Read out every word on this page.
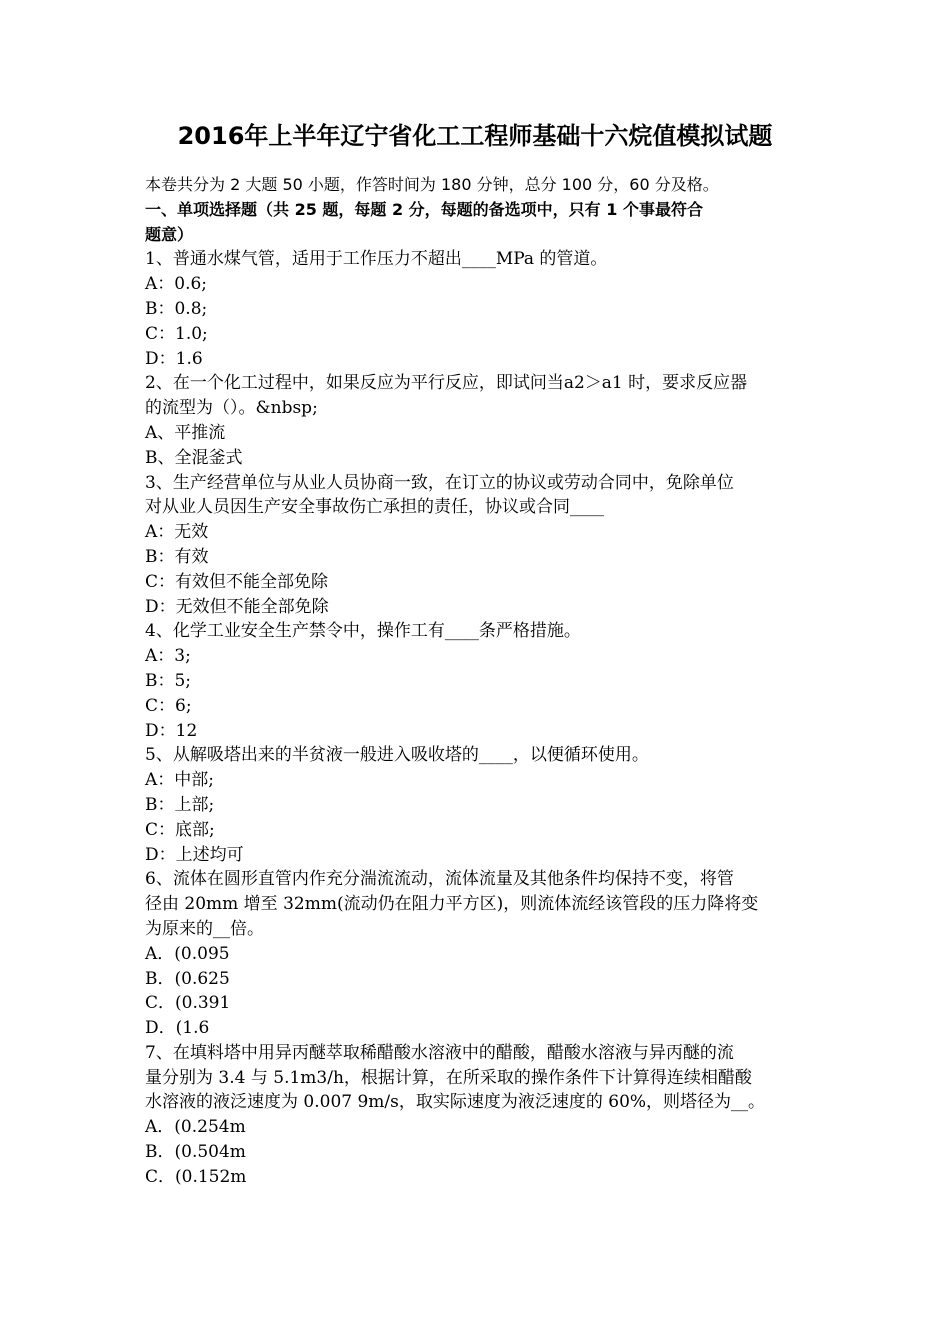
2016年上半年辽宁省化工工程师基础十六烷值模拟试题
本卷共分为 2 大题 50 小题，作答时间为 180 分钟，总分 100 分，60 分及格。
一、单项选择题（共 25 题，每题 2 分，每题的备选项中，只有 1 个事最符合
题意）
1、普通水煤气管，适用于工作压力不超出____MPa 的管道。
A：0.6;
B：0.8;
C：1.0;
D：1.6
2、在一个化工过程中，如果反应为平行反应，即试问当a2＞a1 时，要求反应器
的流型为（）。&nbsp;
A、平推流
B、全混釜式
3、生产经营单位与从业人员协商一致，在订立的协议或劳动合同中，免除单位
对从业人员因生产安全事故伤亡承担的责任，协议或合同____
A：无效
B：有效
C：有效但不能全部免除
D：无效但不能全部免除
4、化学工业安全生产禁令中，操作工有____条严格措施。
A：3;
B：5;
C：6;
D：12
5、从解吸塔出来的半贫液一般进入吸收塔的____，以便循环使用。
A：中部;
B：上部;
C：底部;
D：上述均可
6、流体在圆形直管内作充分湍流流动，流体流量及其他条件均保持不变，将管
径由 20mm 增至 32mm(流动仍在阻力平方区)，则流体流经该管段的压力降将变
为原来的__倍。
A．(0.095
B．(0.625
C．(0.391
D．(1.6
7、在填料塔中用异丙醚萃取稀醋酸水溶液中的醋酸，醋酸水溶液与异丙醚的流
量分别为 3.4 与 5.1m3/h，根据计算，在所采取的操作条件下计算得连续相醋酸
水溶液的液泛速度为 0.007 9m/s，取实际速度为液泛速度的 60%，则塔径为__。
A．(0.254m
B．(0.504m
C．(0.152m
